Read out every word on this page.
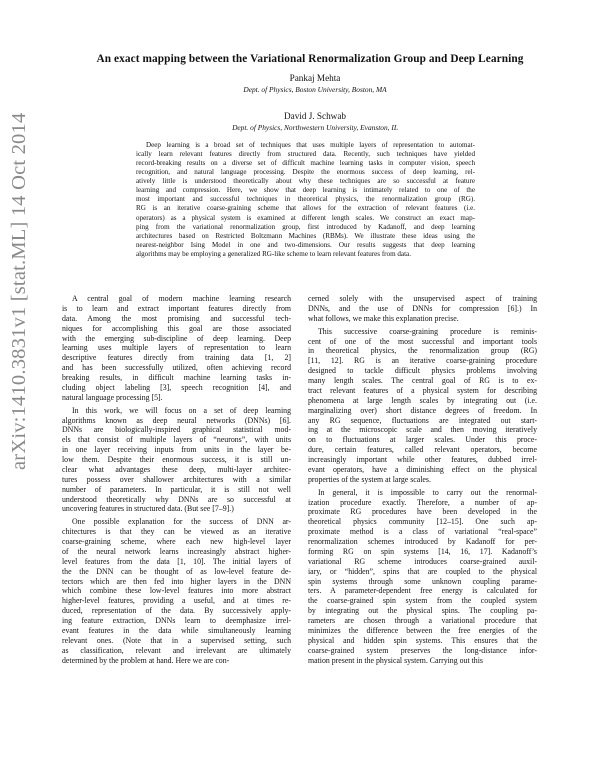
arXiv:1410.3831v1 [stat.ML] 14 Oct 2014
An exact mapping between the Variational Renormalization Group and Deep Learning
Pankaj Mehta
Dept. of Physics, Boston University, Boston, MA
David J. Schwab
Dept. of Physics, Northwestern University, Evanston, IL
Deep learning is a broad set of techniques that uses multiple layers of representation to automat-
ically learn relevant features directly from structured data. Recently, such techniques have yielded
record-breaking results on a diverse set of difficult machine learning tasks in computer vision, speech
recognition, and natural language processing. Despite the enormous success of deep learning, rel-
atively little is understood theoretically about why these techniques are so successful at feature
learning and compression. Here, we show that deep learning is intimately related to one of the
most important and successful techniques in theoretical physics, the renormalization group (RG).
RG is an iterative coarse-graining scheme that allows for the extraction of relevant features (i.e.
operators) as a physical system is examined at different length scales. We construct an exact map-
ping from the variational renormalization group, first introduced by Kadanoff, and deep learning
architectures based on Restricted Boltzmann Machines (RBMs). We illustrate these ideas using the
nearest-neighbor Ising Model in one and two-dimensions. Our results suggests that deep learning
algorithms may be employing a generalized RG-like scheme to learn relevant features from data.
A central goal of modern machine learning research
is to learn and extract important features directly from
data. Among the most promising and successful tech-
niques for accomplishing this goal are those associated
with the emerging sub-discipline of deep learning. Deep
learning uses multiple layers of representation to learn
descriptive features directly from training data [1, 2]
and has been successfully utilized, often achieving record
breaking results, in difficult machine learning tasks in-
cluding object labeling [3], speech recognition [4], and
natural language processing [5].
In this work, we will focus on a set of deep learning
algorithms known as deep neural networks (DNNs) [6].
DNNs are biologically-inspired graphical statistical mod-
els that consist of multiple layers of “neurons”, with units
in one layer receiving inputs from units in the layer be-
low them. Despite their enormous success, it is still un-
clear what advantages these deep, multi-layer architec-
tures possess over shallower architectures with a similar
number of parameters. In particular, it is still not well
understood theoretically why DNNs are so successful at
uncovering features in structured data. (But see [7–9].)
One possible explanation for the success of DNN ar-
chitectures is that they can be viewed as an iterative
coarse-graining scheme, where each new high-level layer
of the neural network learns increasingly abstract higher-
level features from the data [1, 10]. The initial layers of
the the DNN can be thought of as low-level feature de-
tectors which are then fed into higher layers in the DNN
which combine these low-level features into more abstract
higher-level features, providing a useful, and at times re-
duced, representation of the data. By successively apply-
ing feature extraction, DNNs learn to deemphasize irrel-
evant features in the data while simultaneously learning
relevant ones. (Note that in a supervised setting, such
as classification, relevant and irrelevant are ultimately
determined by the problem at hand. Here we are con-
cerned solely with the unsupervised aspect of training
DNNs, and the use of DNNs for compression [6].) In
what follows, we make this explanation precise.
This successive coarse-graining procedure is reminis-
cent of one of the most successful and important tools
in theoretical physics, the renormalization group (RG)
[11, 12]. RG is an iterative coarse-graining procedure
designed to tackle difficult physics problems involving
many length scales. The central goal of RG is to ex-
tract relevant features of a physical system for describing
phenomena at large length scales by integrating out (i.e.
marginalizing over) short distance degrees of freedom. In
any RG sequence, fluctuations are integrated out start-
ing at the microscopic scale and then moving iteratively
on to fluctuations at larger scales. Under this proce-
dure, certain features, called relevant operators, become
increasingly important while other features, dubbed irrel-
evant operators, have a diminishing effect on the physical
properties of the system at large scales.
In general, it is impossible to carry out the renormal-
ization procedure exactly. Therefore, a number of ap-
proximate RG procedures have been developed in the
theoretical physics community [12–15]. One such ap-
proximate method is a class of variational “real-space”
renormalization schemes introduced by Kadanoff for per-
forming RG on spin systems [14, 16, 17]. Kadanoff’s
variational RG scheme introduces coarse-grained auxil-
iary, or “hidden”, spins that are coupled to the physical
spin systems through some unknown coupling parame-
ters. A parameter-dependent free energy is calculated for
the coarse-grained spin system from the coupled system
by integrating out the physical spins. The coupling pa-
rameters are chosen through a variational procedure that
minimizes the difference between the free energies of the
physical and hidden spin systems. This ensures that the
coarse-grained system preserves the long-distance infor-
mation present in the physical system. Carrying out this
